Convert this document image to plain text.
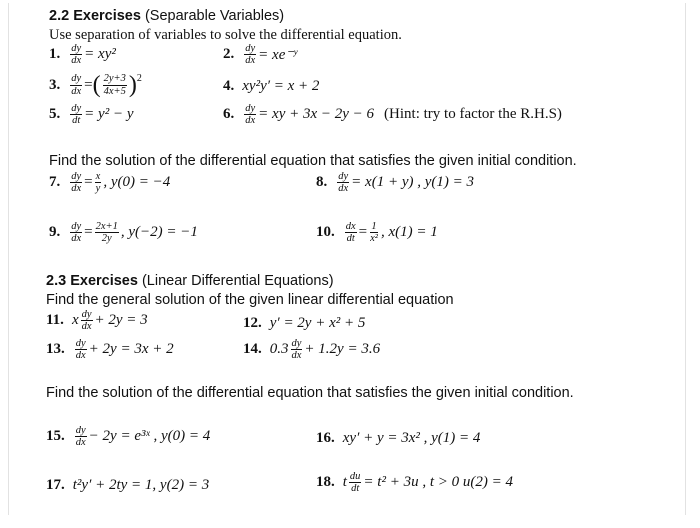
2.2 Exercises (Separable Variables)
Use separation of variables to solve the differential equation.
1. $\frac{dy}{dx} = xy^2$	2. $\frac{dy}{dx}$ = xe⁻ʸ
3. $\frac{dy}{dx}$ = ( $\frac{2y+3}{4x+5} )^2$	4. xy²y′ = x + 2
5. $\frac{dy}{dt} = y^2 - y$	6. $\frac{dy}{dx}$ = xy + 3x − 2y − 6 (Hint: try to factor the R.H.S)
Find the solution of the differential equation that satisfies the given initial condition.
7. $\frac{dy}{dx} = \frac{x}{y}$ , y(0) = −4	8. $\frac{dy}{dx} = x(1 + y)$ , y(1) = 3
9. $\frac{dy}{dx} = \frac{2x+1}{2y}$ , y(−2) = −1	10. $\frac{dx}{dt} = \frac{1}{\text{x²}}$ , x(1) = 1
2.3 Exercises (Linear Differential Equations)
Find the general solution of the given linear differential equation
11. x $\frac{dy}{dx} + 2y = 3$	12. y′ = 2y + x² + 5
13. $\frac{dy}{dx} + 2y = 3x + 2$	14. $0.3 \frac{dy}{dx} + 1.2y = 3.6$
Find the solution of the differential equation that satisfies the given initial condition.
15. $\frac{dy}{dx} - 2y$ = e³ˣ , y(0) = 4	16. xy′ + y = 3x² , y(1) = 4
17. t²y′ + 2ty = 1, y(2) = 3	18. t $\frac{du}{dt} = t^2 + 3u$ , t > 0 u(2) = 4
